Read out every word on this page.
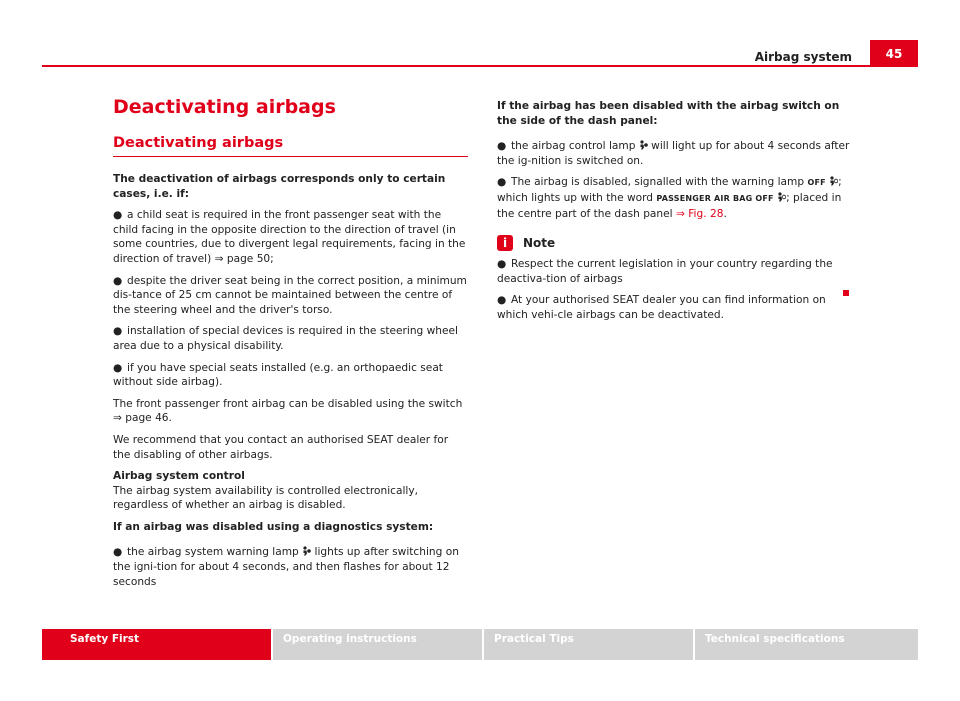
Airbag system	45
Deactivating airbags
Deactivating airbags

The deactivation of airbags corresponds only to certain cases, i.e. if:

● a child seat is required in the front passenger seat with the child facing in the opposite direction to the direction of travel (in some countries, due to divergent legal requirements, facing in the direction of travel) ⇒ page 50;

● despite the driver seat being in the correct position, a minimum dis-tance of 25 cm cannot be maintained between the centre of the steering wheel and the driver's torso.

● installation of special devices is required in the steering wheel area due to a physical disability.

● if you have special seats installed (e.g. an orthopaedic seat without side airbag).

The front passenger front airbag can be disabled using the switch
⇒ page 46.

We recommend that you contact an authorised SEAT dealer for the disabling of other airbags.

Airbag system control

The airbag system availability is controlled electronically, regardless of whether an airbag is disabled.

If an airbag was disabled using a diagnostics system:

● the airbag system warning lamp lights up after switching on the igni-tion for about 4 seconds, and then flashes for about 12 seconds

If the airbag has been disabled with the airbag switch on the side of the dash panel:

● the airbag control lamp will light up for about 4 seconds after the ig-nition is switched on.

● The airbag is disabled, signalled with the warning lamp OFF ; which lights up with the word PASSENGER AIR BAG OFF ; placed in the centre part of the dash panel ⇒ Fig. 28.

i	Note

● Respect the current legislation in your country regarding the deactiva-tion of airbags

● At your authorised SEAT dealer you can find information on which vehi-cle airbags can be deactivated.

Safety First	Operating instructions	Practical Tips	Technical specifications
